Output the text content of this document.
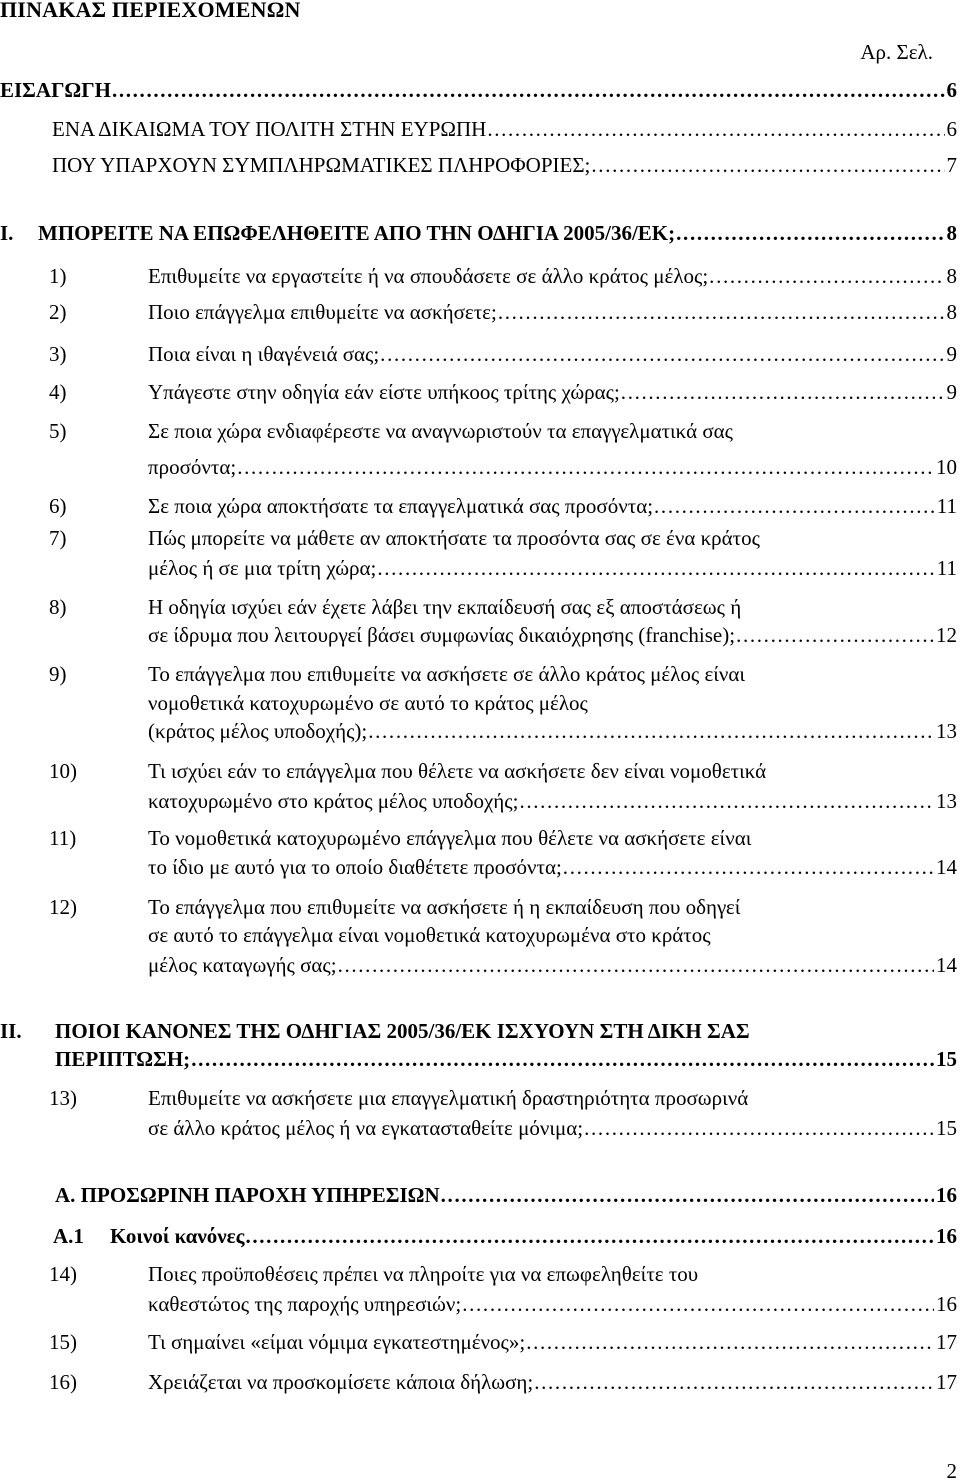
ΠΙΝΑΚΑΣ ΠΕΡΙΕΧΟΜΕΝΩΝ
Αρ. Σελ.
ΕΙΣΑΓΩΓΗ . . .	6
ΕΝΑ ΔΙΚΑΙΩΜΑ ΤΟΥ ΠΟΛΙΤΗ ΣΤΗΝ ΕΥΡΩΠΗ . . .	6
ΠΟΥ ΥΠΑΡΧΟΥΝ ΣΥΜΠΛΗΡΩΜΑΤΙΚΕΣ ΠΛΗΡΟΦΟΡΙΕΣ; . . .	7
I. ΜΠΟΡΕΙΤΕ ΝΑ ΕΠΩΦΕΛΗΘΕΙΤΕ ΑΠΟ ΤΗΝ ΟΔΗΓΙΑ 2005/36/ΕΚ; . . .	8
1)	Επιθυμείτε να εργαστείτε ή να σπουδάσετε σε άλλο κράτος μέλος; . . .	8
2)	Ποιο επάγγελμα επιθυμείτε να ασκήσετε; . . .	8
3)	Ποια είναι η ιθαγένειά σας; . . .	9
4)	Υπάγεστε στην οδηγία εάν είστε υπήκοος τρίτης χώρας; . . .	9
5)	Σε ποια χώρα ενδιαφέρεστε να αναγνωριστούν τα επαγγελματικά σας
προσόντα; . . .	10
6)	Σε ποια χώρα αποκτήσατε τα επαγγελματικά σας προσόντα; . . .	11
7)	Πώς μπορείτε να μάθετε αν αποκτήσατε τα προσόντα σας σε ένα κράτος
μέλος ή σε μια τρίτη χώρα; . . .	11
8)	Η οδηγία ισχύει εάν έχετε λάβει την εκπαίδευσή σας εξ αποστάσεως ή
σε ίδρυμα που λειτουργεί βάσει συμφωνίας δικαιόχρησης (franchise); . . .	12
9)	Το επάγγελμα που επιθυμείτε να ασκήσετε σε άλλο κράτος μέλος είναι
νομοθετικά κατοχυρωμένο σε αυτό το κράτος μέλος
(κράτος μέλος υποδοχής); . . .	13
10)	Τι ισχύει εάν το επάγγελμα που θέλετε να ασκήσετε δεν είναι νομοθετικά
κατοχυρωμένο στο κράτος μέλος υποδοχής; . . .	13
11)	Το νομοθετικά κατοχυρωμένο επάγγελμα που θέλετε να ασκήσετε είναι
το ίδιο με αυτό για το οποίο διαθέτετε προσόντα; . . .	14
12)	Το επάγγελμα που επιθυμείτε να ασκήσετε ή η εκπαίδευση που οδηγεί
σε αυτό το επάγγελμα είναι νομοθετικά κατοχυρωμένα στο κράτος
μέλος καταγωγής σας; . . .	14
II. ΠΟΙΟΙ ΚΑΝΟΝΕΣ ΤΗΣ ΟΔΗΓΙΑΣ 2005/36/ΕΚ ΙΣΧΥΟΥΝ ΣΤΗ ΔΙΚΗ ΣΑΣ
ΠΕΡΙΠΤΩΣΗ; . . .	15
13)	Επιθυμείτε να ασκήσετε μια επαγγελματική δραστηριότητα προσωρινά
σε άλλο κράτος μέλος ή να εγκατασταθείτε μόνιμα; . . .	15
Α. ΠΡΟΣΩΡΙΝΗ ΠΑΡΟΧΗ ΥΠΗΡΕΣΙΩΝ . . .	16
Α.1 Κοινοί κανόνες . . .	16
14)	Ποιες προϋποθέσεις πρέπει να πληροίτε για να επωφεληθείτε του
καθεστώτος της παροχής υπηρεσιών; . . .	16
15)	Τι σημαίνει «είμαι νόμιμα εγκατεστημένος»; . . .	17
16)	Χρειάζεται να προσκομίσετε κάποια δήλωση; . . .	17
2
